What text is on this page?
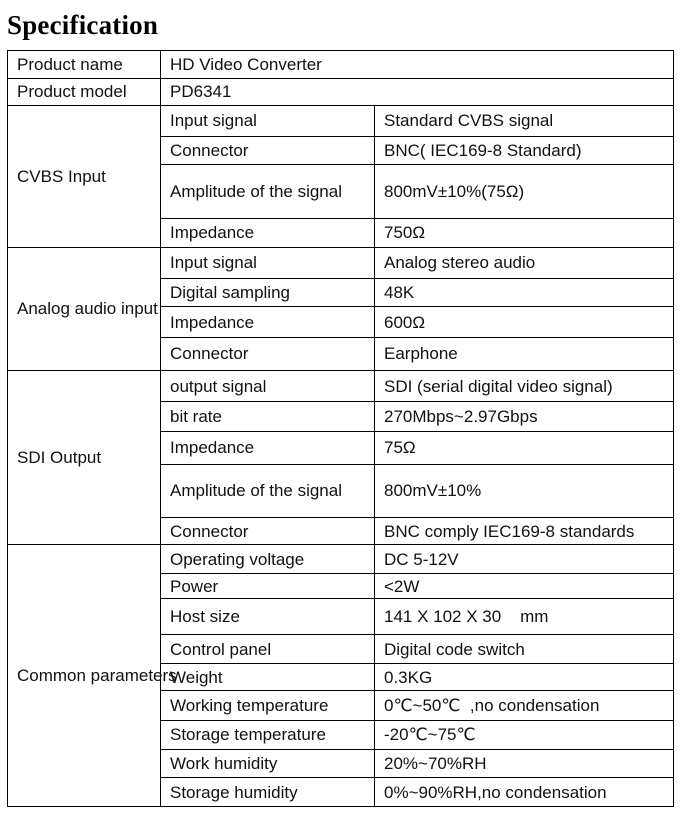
Specification
Product name	HD Video Converter	
Product model	PD6341	
CVBS Input	Input signal	Standard CVBS signal
	Connector	BNC( IEC169-8 Standard)
	Amplitude of the signal	800mV±10%(75Ω)
	Impedance	750Ω
Analog audio input	Input signal	Analog stereo audio
	Digital sampling	48K
	Impedance	600Ω
	Connector	Earphone
SDI Output	output signal	SDI (serial digital video signal)
	bit rate	270Mbps~2.97Gbps
	Impedance	75Ω
	Amplitude of the signal	800mV±10%
	Connector	BNC comply IEC169-8 standards
Common parameters	Operating voltage	DC 5-12V
	Power	<2W
	Host size	141 X 102 X 30    mm
	Control panel	Digital code switch
	Weight	0.3KG
	Working temperature	0℃~50℃  ,no condensation
	Storage temperature	-20℃~75℃
	Work humidity	20%~70%RH
	Storage humidity	0%~90%RH,no condensation
